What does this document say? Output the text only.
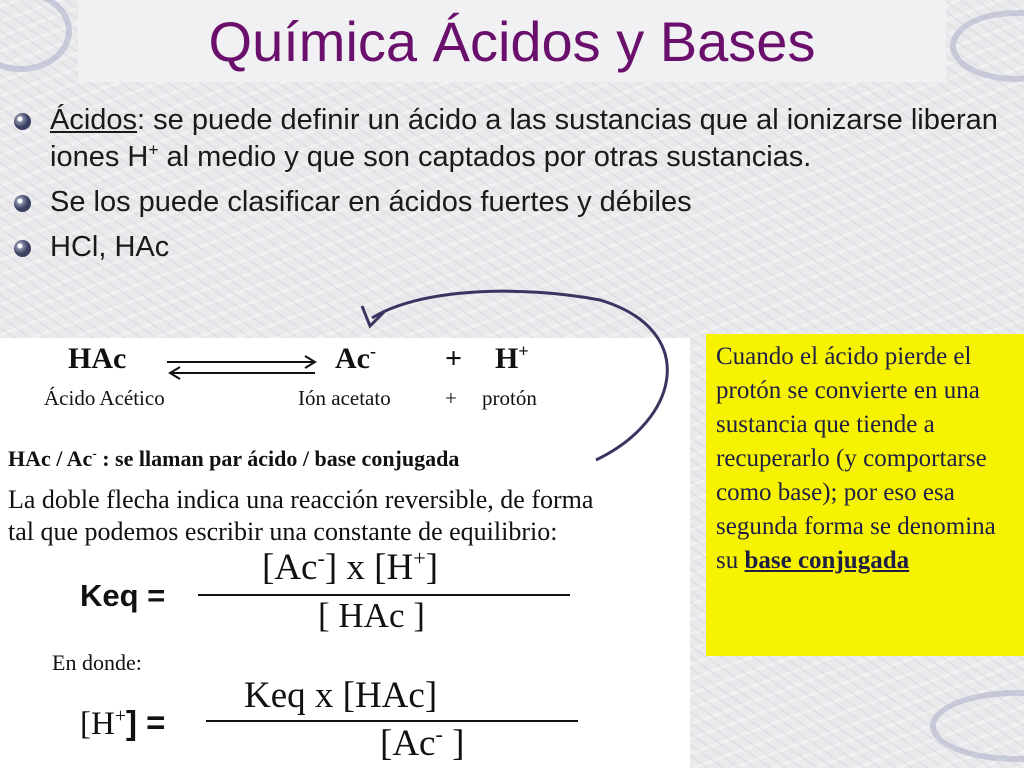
Química Ácidos y Bases
Ácidos: se puede definir un ácido a las sustancias que al ionizarse liberan iones H+ al medio y que son captados por otras sustancias.
Se los puede clasificar en ácidos fuertes y débiles
HCl, HAc
HAc	Ac- + H+
Ácido Acético	Ión acetato	+ protón
HAc / Ac- : se llaman par ácido / base conjugada
La doble flecha indica una reacción reversible, de forma
tal que podemos escribir una constante de equilibrio:
Keq =
[Ac-] x [H+]
[ HAc ]
En donde:
[H+] =
Keq x [HAc]
[Ac- ]
Cuando el ácido pierde el protón se convierte en una sustancia que tiende a recuperarlo (y comportarse como base); por eso esa segunda forma se denomina su base conjugada
